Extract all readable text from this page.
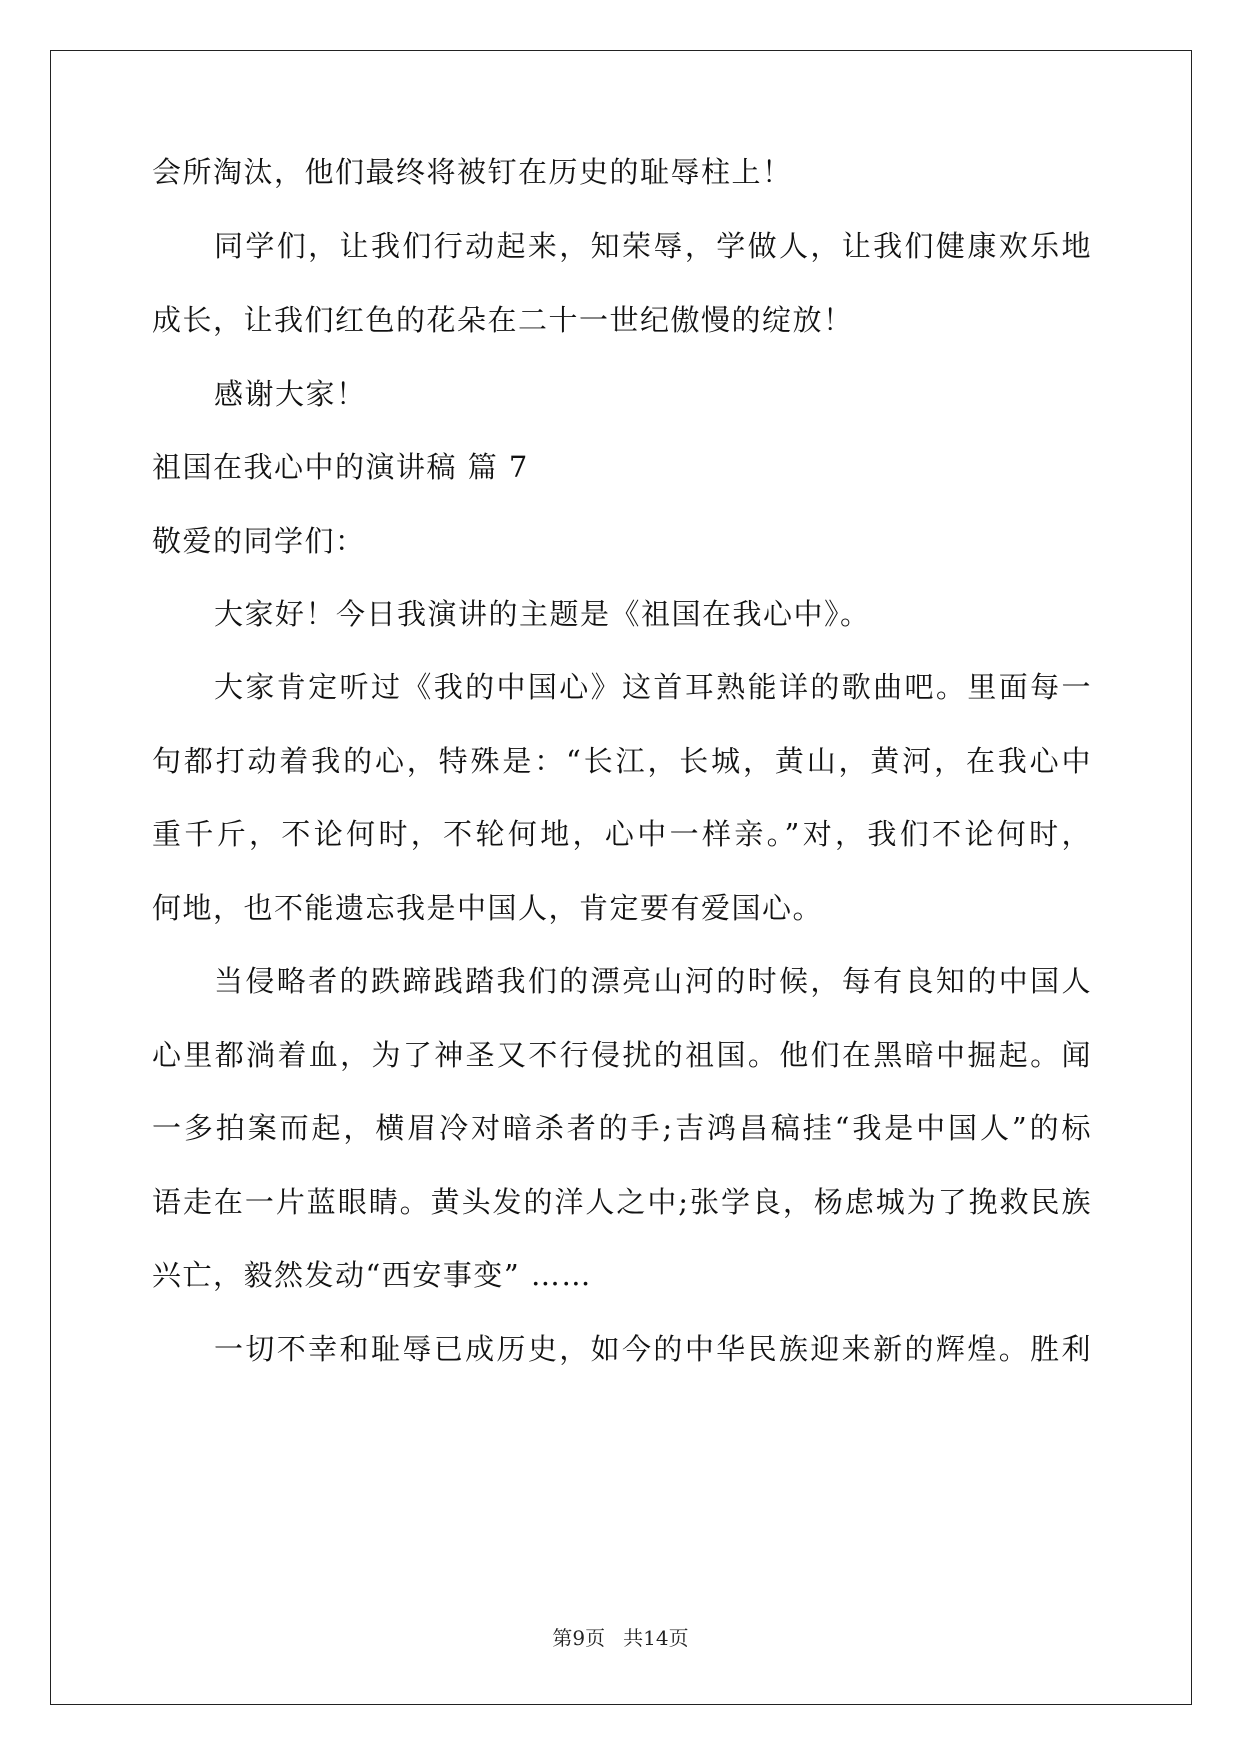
会所淘汰，他们最终将被钉在历史的耻辱柱上！
同学们，让我们行动起来，知荣辱，学做人，让我们健康欢乐地
成长，让我们红色的花朵在二十一世纪傲慢的绽放！
感谢大家！
祖国在我心中的演讲稿 篇 7
敬爱的同学们：
大家好！今日我演讲的主题是《祖国在我心中》。
大家肯定听过《我的中国心》这首耳熟能详的歌曲吧。里面每一
句都打动着我的心，特殊是：“长江，长城，黄山，黄河，在我心中
重千斤，不论何时，不轮何地，心中一样亲。”对，我们不论何时，
何地，也不能遗忘我是中国人，肯定要有爱国心。
当侵略者的跌蹄践踏我们的漂亮山河的时候，每有良知的中国人
心里都淌着血，为了神圣又不行侵扰的祖国。他们在黑暗中掘起。闻
一多拍案而起，横眉冷对暗杀者的手;吉鸿昌稿挂“我是中国人”的标
语走在一片蓝眼睛。黄头发的洋人之中;张学良，杨虑城为了挽救民族
兴亡，毅然发动“西安事变” ……
一切不幸和耻辱已成历史，如今的中华民族迎来新的辉煌。胜利
第9页 共14页
